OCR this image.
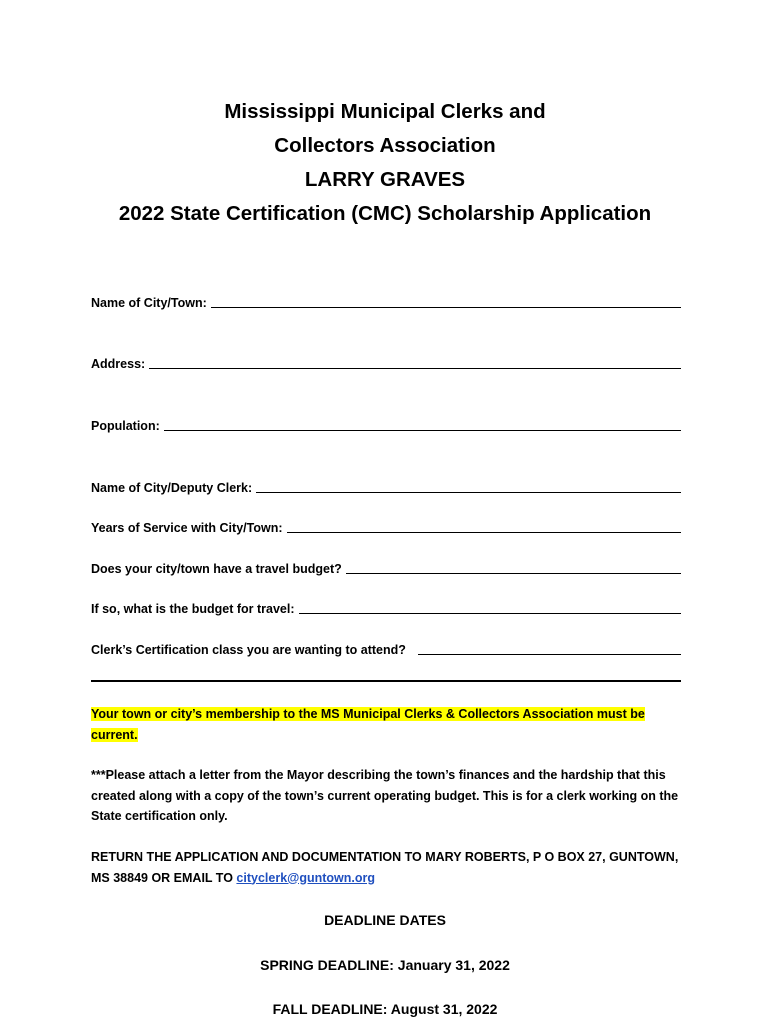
Mississippi Municipal Clerks and
Collectors Association
LARRY GRAVES
2022 State Certification (CMC) Scholarship Application
Name of City/Town:
Address:
Population:
Name of City/Deputy Clerk:
Years of Service with City/Town:
Does your city/town have a travel budget?
If so, what is the budget for travel:
Clerk’s Certification class you are wanting to attend?
Your town or city’s membership to the MS Municipal Clerks & Collectors Association must be current.
***Please attach a letter from the Mayor describing the town’s finances and the hardship that this created along with a copy of the town’s current operating budget. This is for a clerk working on the State certification only.
RETURN THE APPLICATION AND DOCUMENTATION TO MARY ROBERTS, P O BOX 27, GUNTOWN, MS 38849 OR EMAIL TO cityclerk@guntown.org
DEADLINE DATES
SPRING DEADLINE: January 31, 2022
FALL DEADLINE: August 31, 2022
